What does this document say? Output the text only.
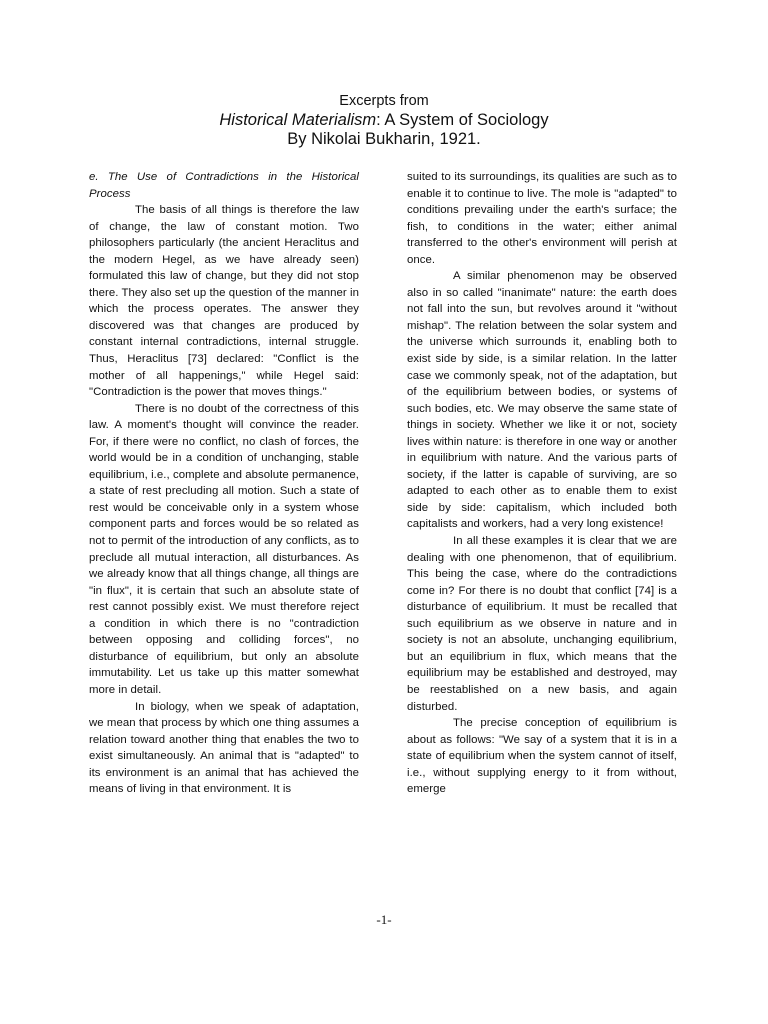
Excerpts from
Historical Materialism: A System of Sociology
By Nikolai Bukharin, 1921.

e. The Use of Contradictions in the Historical Process

The basis of all things is therefore the law of change, the law of constant motion. Two philosophers particularly (the ancient Heraclitus and the modern Hegel, as we have already seen) formulated this law of change, but they did not stop there. They also set up the question of the manner in which the process operates. The answer they discovered was that changes are produced by constant internal contradictions, internal struggle. Thus, Heraclitus [73] declared: "Conflict is the mother of all happenings," while Hegel said: "Contradiction is the power that moves things."

There is no doubt of the correctness of this law. A moment's thought will convince the reader. For, if there were no conflict, no clash of forces, the world would be in a condition of unchanging, stable equilibrium, i.e., complete and absolute permanence, a state of rest precluding all motion. Such a state of rest would be conceivable only in a system whose component parts and forces would be so related as not to permit of the introduction of any conflicts, as to preclude all mutual interaction, all disturbances. As we already know that all things change, all things are "in flux", it is certain that such an absolute state of rest cannot possibly exist. We must therefore reject a condition in which there is no "contradiction between opposing and colliding forces", no disturbance of equilibrium, but only an absolute immutability. Let us take up this matter somewhat more in detail.

In biology, when we speak of adaptation, we mean that process by which one thing assumes a relation toward another thing that enables the two to exist simultaneously. An animal that is "adapted" to its environment is an animal that has achieved the means of living in that environment. It is

suited to its surroundings, its qualities are such as to enable it to continue to live. The mole is "adapted" to conditions prevailing under the earth's surface; the fish, to conditions in the water; either animal transferred to the other's environment will perish at once.

A similar phenomenon may be observed also in so called "inanimate" nature: the earth does not fall into the sun, but revolves around it "without mishap". The relation between the solar system and the universe which surrounds it, enabling both to exist side by side, is a similar relation. In the latter case we commonly speak, not of the adaptation, but of the equilibrium between bodies, or systems of such bodies, etc. We may observe the same state of things in society. Whether we like it or not, society lives within nature: is therefore in one way or another in equilibrium with nature. And the various parts of society, if the latter is capable of surviving, are so adapted to each other as to enable them to exist side by side: capitalism, which included both capitalists and workers, had a very long existence!

In all these examples it is clear that we are dealing with one phenomenon, that of equilibrium. This being the case, where do the contradictions come in? For there is no doubt that conflict [74] is a disturbance of equilibrium. It must be recalled that such equilibrium as we observe in nature and in society is not an absolute, unchanging equilibrium, but an equilibrium in flux, which means that the equilibrium may be established and destroyed, may be reestablished on a new basis, and again disturbed.

The precise conception of equilibrium is about as follows: "We say of a system that it is in a state of equilibrium when the system cannot of itself, i.e., without supplying energy to it from without, emerge

-1-
